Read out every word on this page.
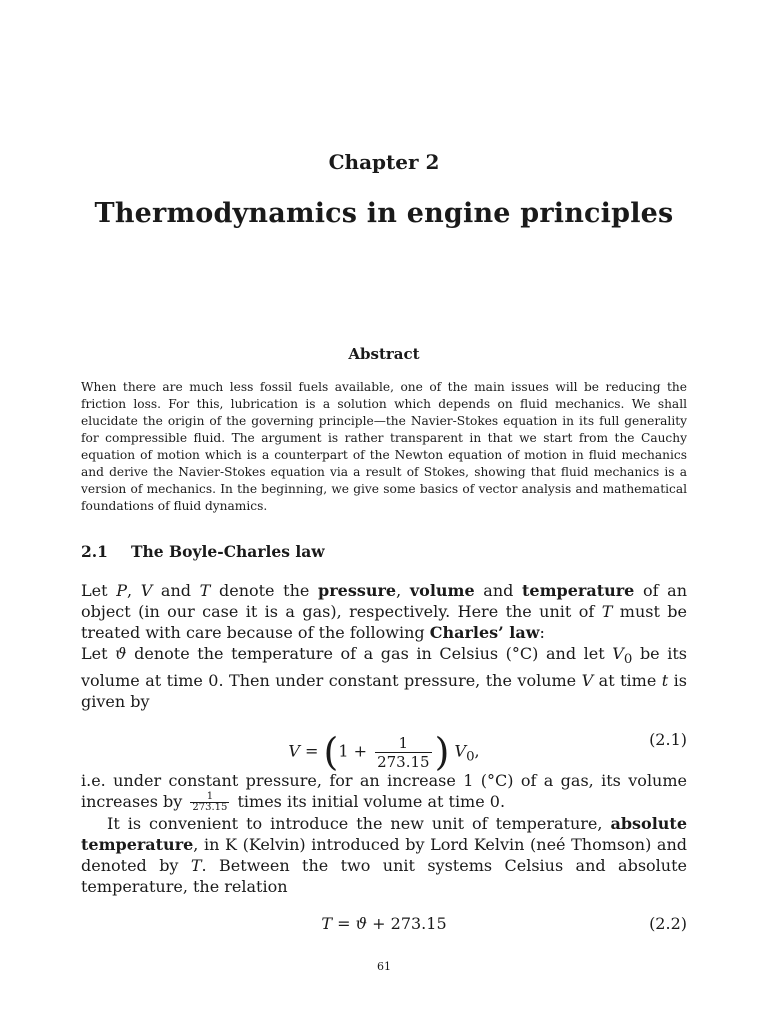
Chapter 2
Thermodynamics in engine principles
Abstract
When there are much less fossil fuels available, one of the main issues will be reducing the friction loss. For this, lubrication is a solution which depends on fluid mechanics. We shall elucidate the origin of the governing principle—the Navier-Stokes equation in its full generality for compressible fluid. The argument is rather transparent in that we start from the Cauchy equation of motion which is a counterpart of the Newton equation of motion in fluid mechanics and derive the Navier-Stokes equation via a result of Stokes, showing that fluid mechanics is a version of mechanics. In the beginning, we give some basics of vector analysis and mathematical foundations of fluid dynamics.
2.1 The Boyle-Charles law
Let P, V and T denote the pressure, volume and temperature of an object (in our case it is a gas), respectively. Here the unit of T must be treated with care because of the following Charles’ law:
Let ϑ denote the temperature of a gas in Celsius (°C) and let $V_0$ be its volume at time 0. Then under constant pressure, the volume V at time t is given by
$V = (1 + \frac{1}{273.15}$ ) $V_0$,
(2.1)
i.e. under constant pressure, for an increase 1 (°C) of a gas, its volume increases by $\frac{1}{273.15}$ times its initial volume at time 0.
It is convenient to introduce the new unit of temperature, absolute temperature, in K (Kelvin) introduced by Lord Kelvin (neé Thomson) and denoted by T. Between the two unit systems Celsius and absolute temperature, the relation
T = ϑ + 273.15	(2.2)
61
